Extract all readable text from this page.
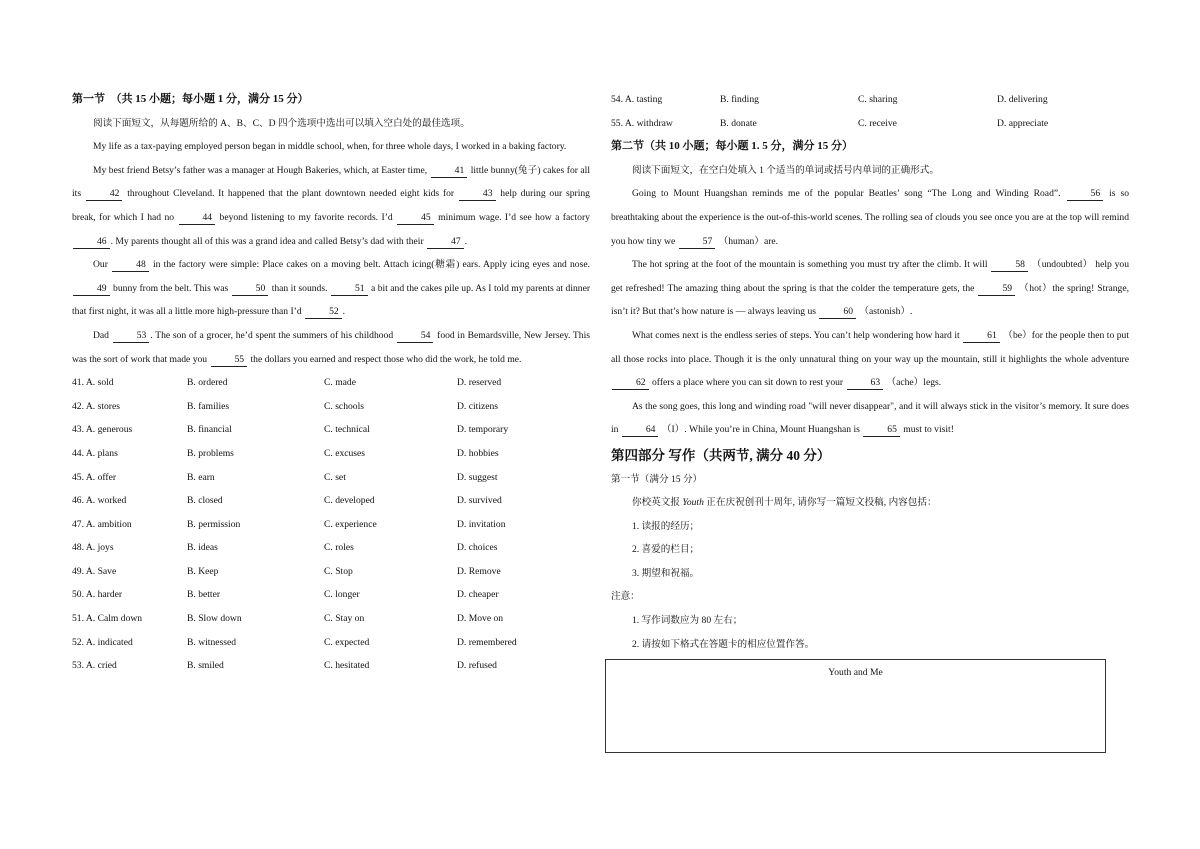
第一节　（共 15 小题；每小题 1 分，满分 15 分）
阅读下面短文，从每题所给的 A、B、C、D 四个选项中选出可以填入空白处的最佳选项。
My life as a tax-paying employed person began in middle school, when, for three whole days, I worked in a baking factory.
My best friend Betsy’s father was a manager at Hough Bakeries, which, at Easter time,	41 little bunny(兔子) cakes for all its	42 throughout Cleveland. It happened that the plant downtown needed eight kids for	43 help during our spring break, for which I had no	44 beyond listening to my favorite records. I’d	45 minimum wage. I’d see how a factory 46 . My parents thought all of this was a grand idea and called Betsy’s dad with their	47 .
Our	48 in the factory were simple: Place cakes on a moving belt. Attach icing(糖霜) ears. Apply icing eyes and nose. 49 bunny from the belt. This was	50 than it sounds.	51 a bit and the cakes pile up. As I told my parents at dinner that first night, it was all a little more high-pressure than I’d	52 .
Dad	53 . The son of a grocer, he’d spent the summers of his childhood	54 food in Bemardsville, New Jersey. This was the sort of work that made you	55 the dollars you earned and respect those who did the work, he told me.
41. A. sold	B. ordered	C. made	D. reserved
42. A. stores	B. families	C. schools	D. citizens
43. A. generous	B. financial	C. technical	D. temporary
44. A. plans	B. problems	C. excuses	D. hobbies
45. A. offer	B. earn	C. set	D. suggest
46. A. worked	B. closed	C. developed	D. survived
47. A. ambition	B. permission	C. experience	D. invitation
48. A. joys	B. ideas	C. roles	D. choices
49. A. Save	B. Keep	C. Stop	D. Remove
50. A. harder	B. better	C. longer	D. cheaper
51. A. Calm down	B. Slow down	C. Stay on	D. Move on
52. A. indicated	B. witnessed	C. expected	D. remembered
53. A. cried	B. smiled	C. hesitated	D. refused
54. A. tasting	B. finding	C. sharing	D. delivering
55. A. withdraw	B. donate	C. receive	D. appreciate
第二节（共 10 小题；每小题 1. 5 分，满分 15 分）
阅读下面短文，在空白处填入 1 个适当的单词或括号内单词的正确形式。
Going to Mount Huangshan reminds me of the popular Beatles’ song “The Long and Winding Road”.	56 is so breathtaking about the experience is the out-of-this-world scenes. The rolling sea of clouds you see once you are at the top will remind you how tiny we	57 （human）are.
The hot spring at the foot of the mountain is something you must try after the climb. It will	58 （undoubted） help you get refreshed! The amazing thing about the spring is that the colder the temperature gets, the	59 （hot）the spring! Strange, isn’t it? But that’s how nature is — always leaving us	60 （astonish）.
What comes next is the endless series of steps. You can’t help wondering how hard it	61 （be）for the people then to put all those rocks into place. Though it is the only unnatural thing on your way up the mountain, still it highlights the whole adventure 62 offers a place where you can sit down to rest your	63 （ache）legs.
As the song goes, this long and winding road "will never disappear", and it will always stick in the visitor’s memory. It sure does in	64 （I）. While you’re in China, Mount Huangshan is	65 must to visit!
第四部分 写作（共两节, 满分 40 分）
第一节（满分 15 分）
你校英文报 Youth 正在庆祝创刊十周年, 请你写一篇短文投稿, 内容包括：
1. 读报的经历；
2. 喜爱的栏目；
3. 期望和祝福。
注意：
1. 写作词数应为 80 左右；
2. 请按如下格式在答题卡的相应位置作答。
Youth and Me
